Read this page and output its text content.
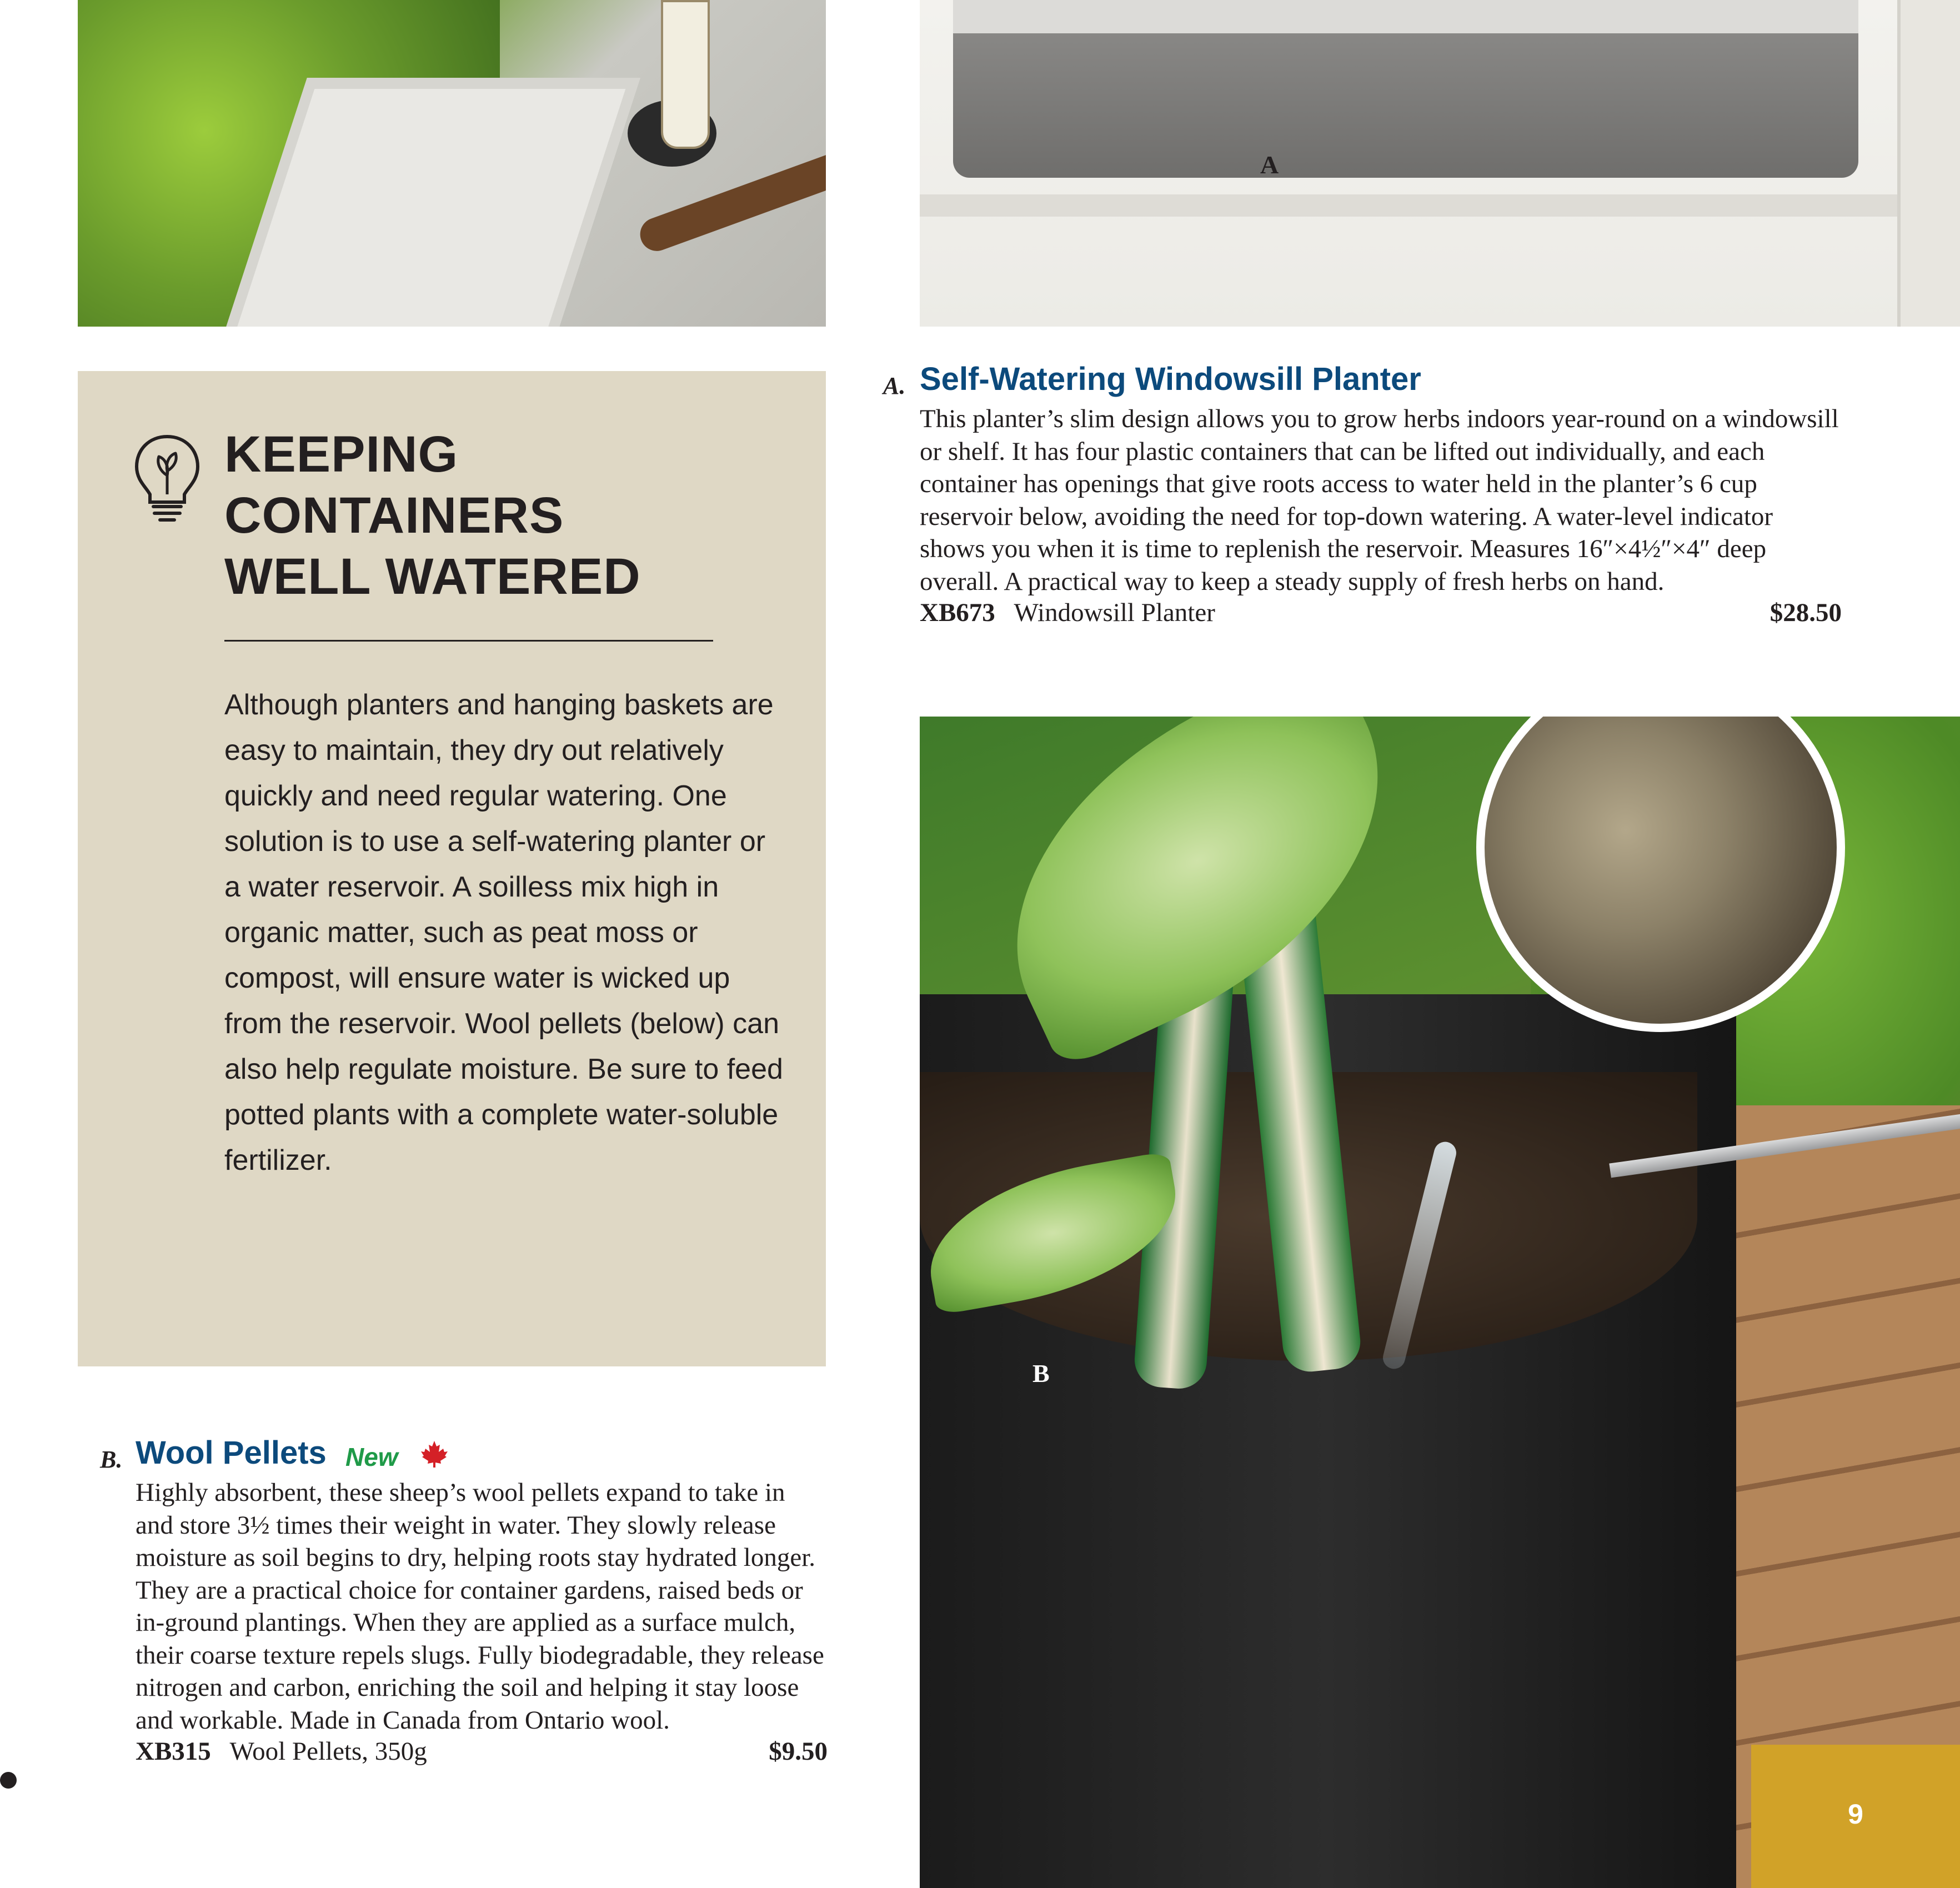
A
KEEPING
CONTAINERS
WELL WATERED
Although planters and hanging baskets are easy to maintain, they dry out relatively quickly and need regular watering. One solution is to use a self-watering planter or a water reservoir. A soilless mix high in organic matter, such as peat moss or compost, will ensure water is wicked up from the reservoir. Wool pellets (below) can also help regulate moisture. Be sure to feed potted plants with a complete water-soluble fertilizer.
A. Self-Watering Windowsill Planter
This planter’s slim design allows you to grow herbs indoors year-round on a windowsill or shelf. It has four plastic containers that can be lifted out individually, and each container has openings that give roots access to water held in the planter’s 6 cup reservoir below, avoiding the need for top-down watering. A water-level indicator shows you when it is time to replenish the reservoir. Measures 16″×4½″×4″ deep overall. A practical way to keep a steady supply of fresh herbs on hand.
XB673 Windowsill Planter	$28.50
B
B. Wool Pellets New
Highly absorbent, these sheep’s wool pellets expand to take in and store 3½ times their weight in water. They slowly release moisture as soil begins to dry, helping roots stay hydrated longer. They are a practical choice for container gardens, raised beds or in-ground plantings. When they are applied as a surface mulch, their coarse texture repels slugs. Fully biodegradable, they release nitrogen and carbon, enriching the soil and helping it stay loose and workable. Made in Canada from Ontario wool.
XB315 Wool Pellets, 350g	$9.50
9
